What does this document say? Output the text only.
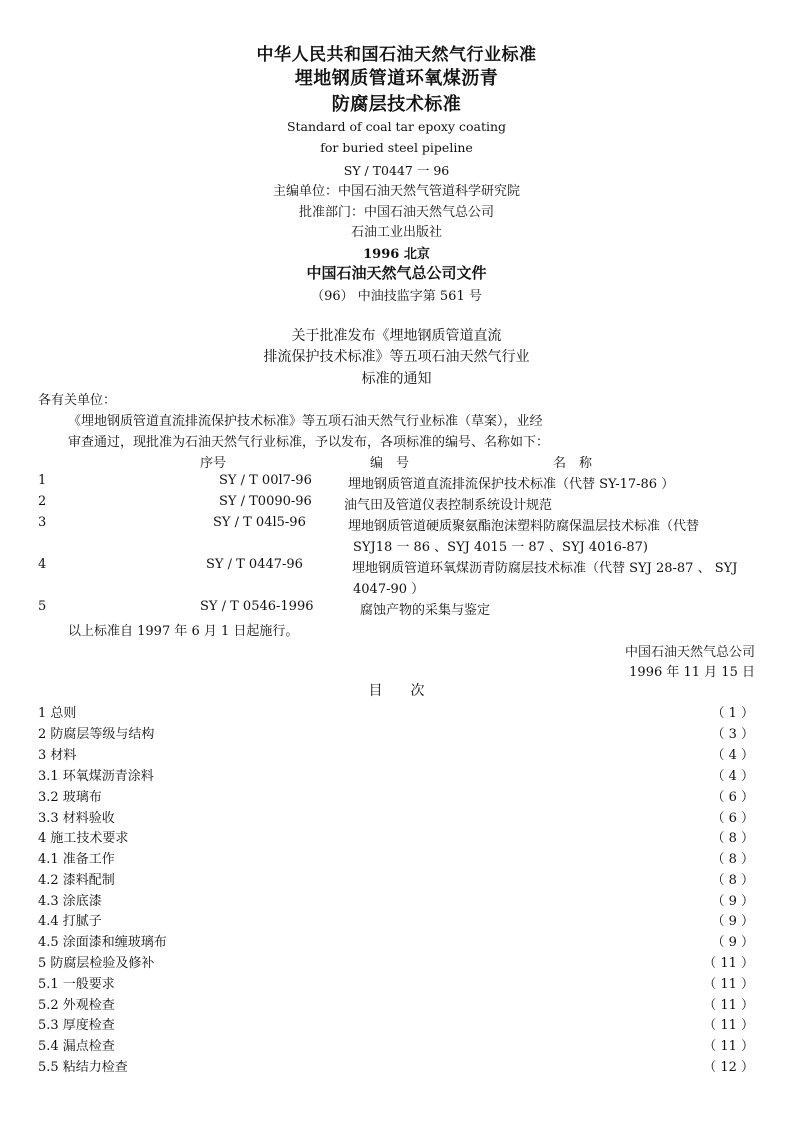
中华人民共和国石油天然气行业标准
埋地钢质管道环氧煤沥青
防腐层技术标准
Standard of coal tar epoxy coating
for buried steel pipeline
SY / T0447 一 96
主编单位：中国石油天然气管道科学研究院
批准部门：中国石油天然气总公司
石油工业出版社
1996 北京
中国石油天然气总公司文件
（96） 中油技监字第 561 号
关于批准发布《埋地钢质管道直流
排流保护技术标准》等五项石油天然气行业
标准的通知
各有关单位：
《埋地钢质管道直流排流保护技术标准》等五项石油天然气行业标准（草案），业经
审查通过，现批准为石油天然气行业标准，予以发布，各项标准的编号、名称如下：
序号	编　号	名　称
1	SY / T 00l7-96	埋地钢质管道直流排流保护技术标准（代替 SY-17-86 ）
2	SY / T0090-96 油气田及管道仪表控制系统设计规范
3	SY / T 04l5-96	埋地钢质管道硬质聚氨酯泡沫塑料防腐保温层技术标准（代替
SYJ18 一 86 、SYJ 4015 一 87 、SYJ 4016-87)
4	SY / T 0447-96	埋地钢质管道环氧煤沥青防腐层技术标准（代替 SYJ 28-87 、 SYJ
4047-90 ）
5	SY / T 0546-1996	腐蚀产物的采集与鉴定
以上标准自 1997 年 6 月 1 日起施行。
中国石油天然气总公司
1996 年 11 月 15 日
目　　次
1 总则	（ 1 ）
2 防腐层等级与结构	（ 3 ）
3 材料	（ 4 ）
3.1 环氧煤沥青涂料	（ 4 ）
3.2 玻璃布	（ 6 ）
3.3 材料验收	（ 6 ）
4 施工技术要求	（ 8 ）
4.1 准备工作	（ 8 ）
4.2 漆料配制	（ 8 ）
4.3 涂底漆	（ 9 ）
4.4 打腻子	（ 9 ）
4.5 涂面漆和缠玻璃布	（ 9 ）
5 防腐层检验及修补	（ 11 ）
5.1 一般要求	（ 11 ）
5.2 外观检查	（ 11 ）
5.3 厚度检查	（ 11 ）
5.4 漏点检查	（ 11 ）
5.5 粘结力检查	（ 12 ）
